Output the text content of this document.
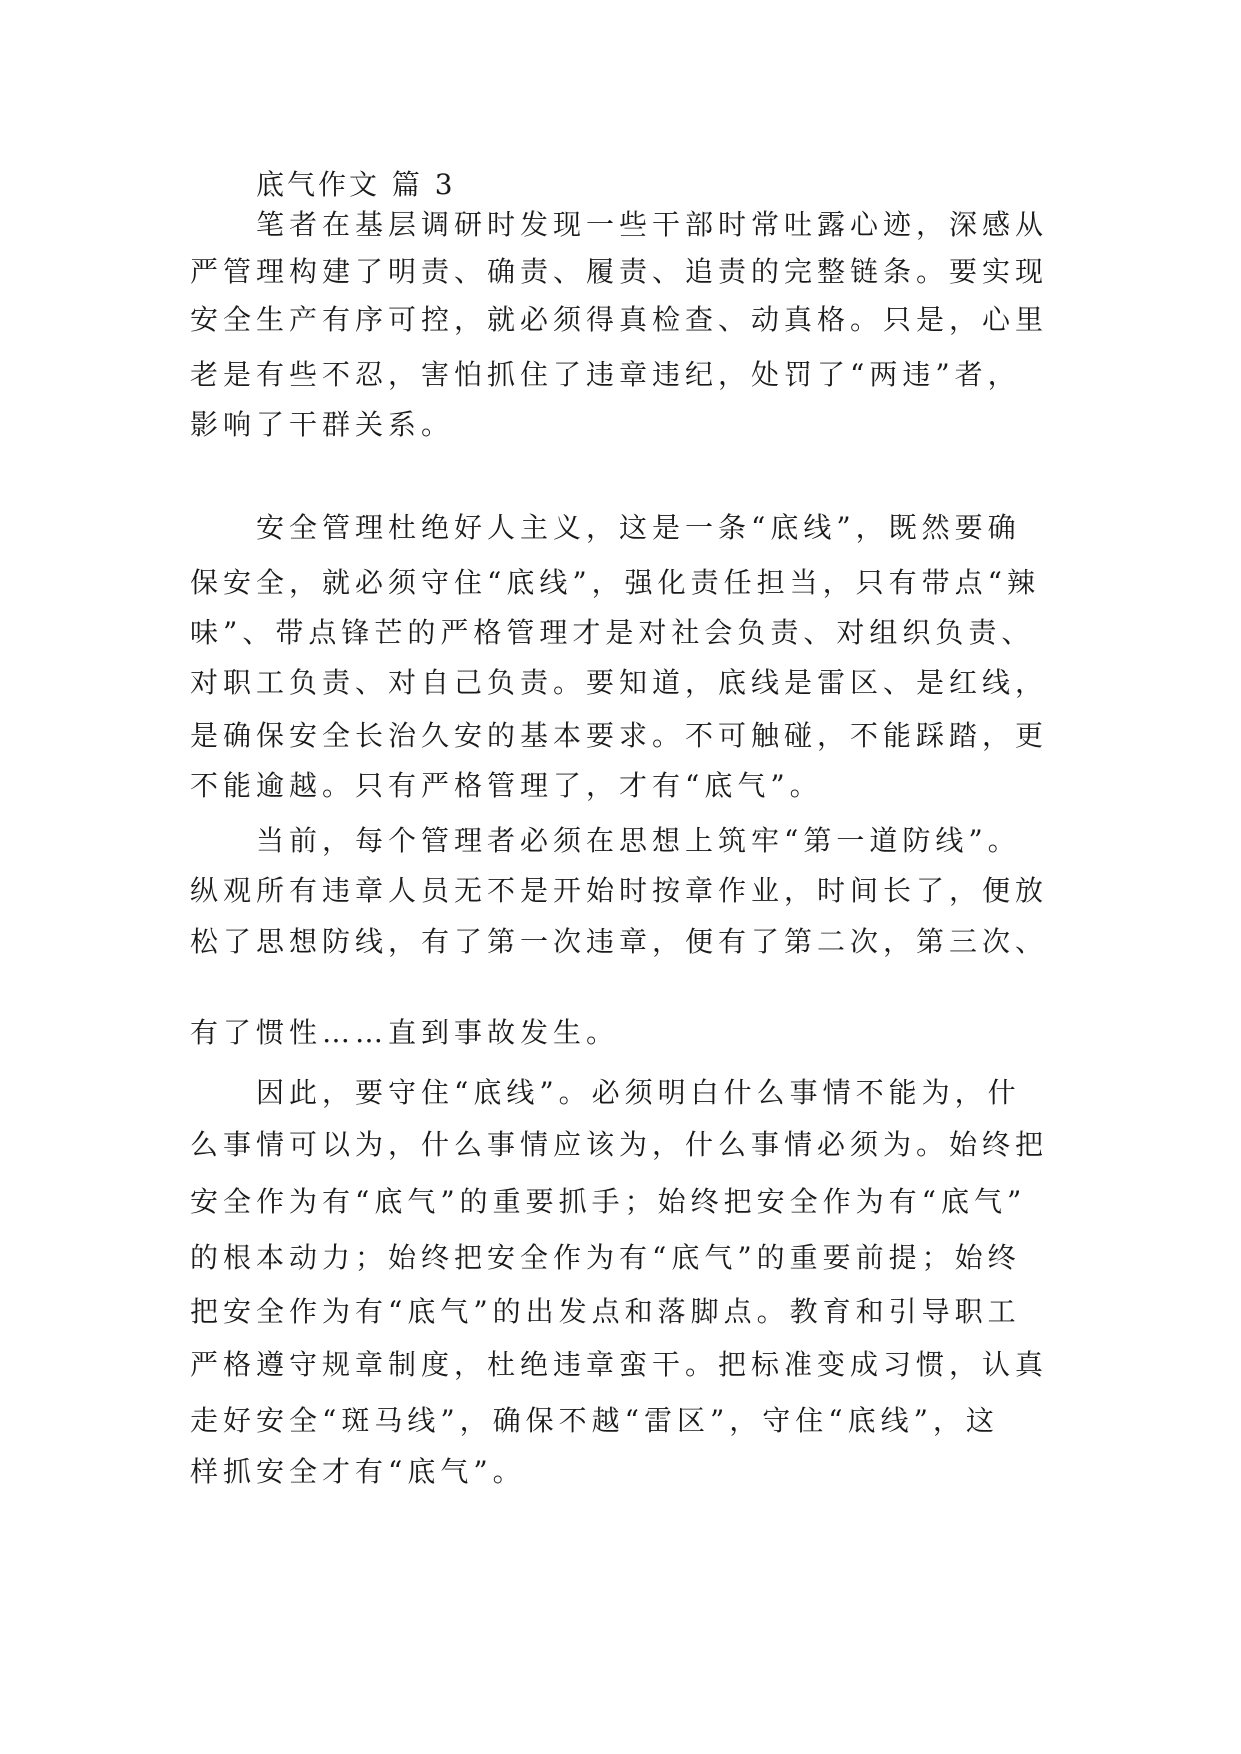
底气作文 篇 3
笔者在基层调研时发现一些干部时常吐露心迹，深感从
严管理构建了明责、确责、履责、追责的完整链条。要实现
安全生产有序可控，就必须得真检查、动真格。只是，心里
老是有些不忍，害怕抓住了违章违纪，处罚了“两违”者，
影响了干群关系。
安全管理杜绝好人主义，这是一条“底线”，既然要确
保安全，就必须守住“底线”，强化责任担当，只有带点“辣
味”、带点锋芒的严格管理才是对社会负责、对组织负责、
对职工负责、对自己负责。要知道，底线是雷区、是红线，
是确保安全长治久安的基本要求。不可触碰，不能踩踏，更
不能逾越。只有严格管理了，才有“底气”。
当前，每个管理者必须在思想上筑牢“第一道防线”。
纵观所有违章人员无不是开始时按章作业，时间长了，便放
松了思想防线，有了第一次违章，便有了第二次，第三次、
有了惯性……直到事故发生。
因此，要守住“底线”。必须明白什么事情不能为，什
么事情可以为，什么事情应该为，什么事情必须为。始终把
安全作为有“底气”的重要抓手；始终把安全作为有“底气”
的根本动力；始终把安全作为有“底气”的重要前提；始终
把安全作为有“底气”的出发点和落脚点。教育和引导职工
严格遵守规章制度，杜绝违章蛮干。把标准变成习惯，认真
走好安全“斑马线”，确保不越“雷区”，守住“底线”，这
样抓安全才有“底气”。
